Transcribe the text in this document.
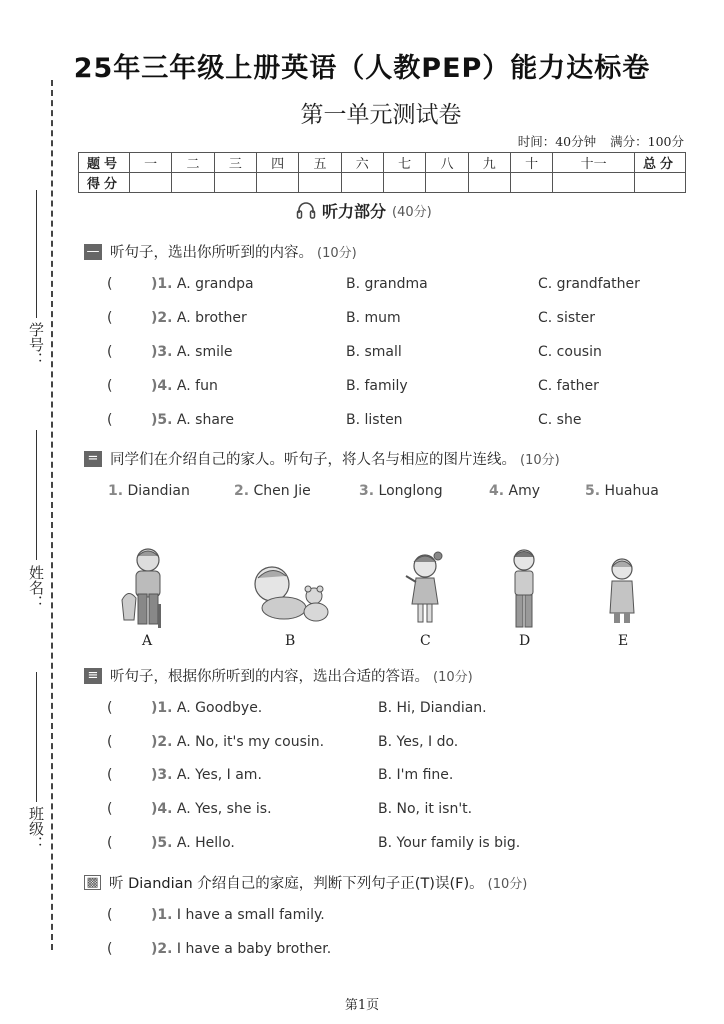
25年三年级上册英语（人教PEP）能力达标卷
学号：
姓名：
班级：
第一单元测试卷
时间：40分钟 满分：100分
题号	一	二	三	四	五	六	七	八	九	十	十一	总分
得分												
听力部分 (40分)
— 听句子，选出你所听到的内容。 (10分)
(	)1. A. grandpa	B. grandma	C. grandfather
(	)2. A. brother	B. mum	C. sister
(	)3. A. smile	B. small	C. cousin
(	)4. A. fun	B. family	C. father
(	)5. A. share	B. listen	C. she
= 同学们在介绍自己的家人。听句子，将人名与相应的图片连线。 (10分)
1. Diandian	2. Chen Jie	3. Longlong	4. Amy	5. Huahua
A	B	C	D	E
≡ 听句子，根据你所听到的内容，选出合适的答语。 (10分)
(	)1. A. Goodbye.	B. Hi, Diandian.
(	)2. A. No, it's my cousin.	B. Yes, I do.
(	)3. A. Yes, I am.	B. I'm fine.
(	)4. A. Yes, she is.	B. No, it isn't.
(	)5. A. Hello.	B. Your family is big.
▩ 听 Diandian 介绍自己的家庭，判断下列句子正(T)误(F)。 (10分)
(	)1. I have a small family.
(	)2. I have a baby brother.
第1页
